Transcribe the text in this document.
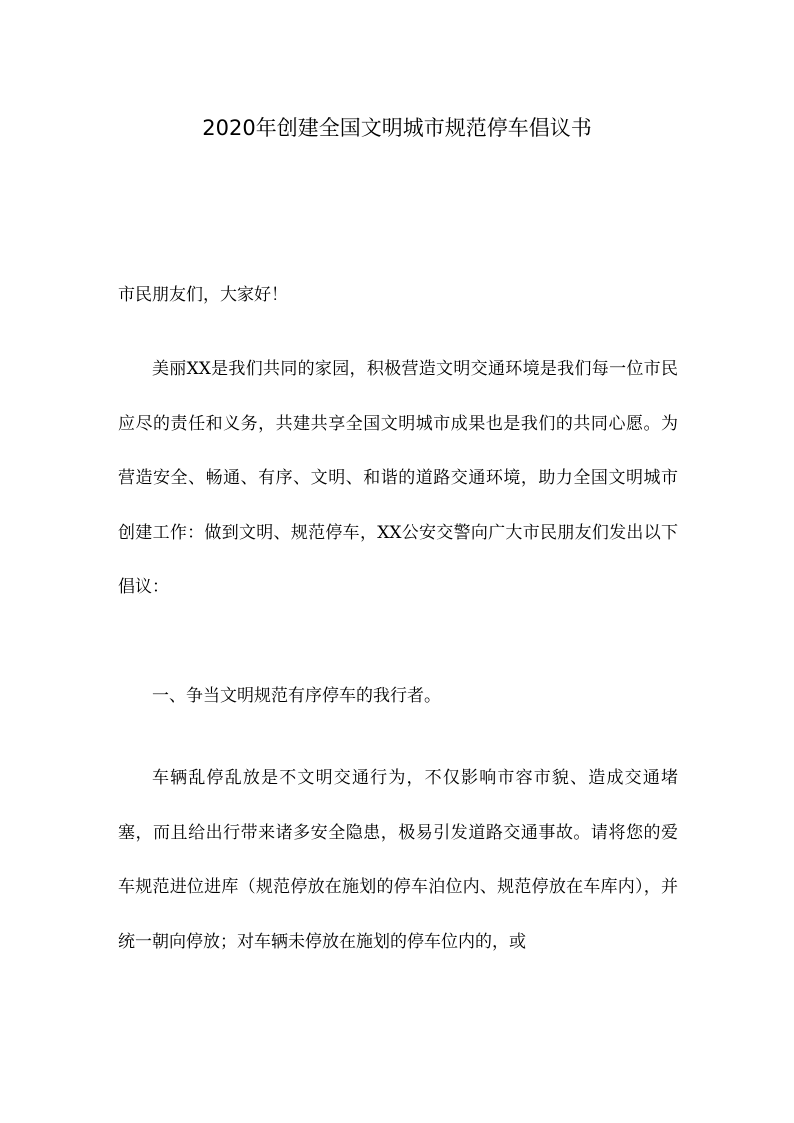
2020年创建全国文明城市规范停车倡议书

市民朋友们，大家好！

美丽XX是我们共同的家园，积极营造文明交通环境是我们每一位市民应尽的责任和义务，共建共享全国文明城市成果也是我们的共同心愿。为营造安全、畅通、有序、文明、和谐的道路交通环境，助力全国文明城市创建工作：做到文明、规范停车，XX公安交警向广大市民朋友们发出以下倡议：

一、争当文明规范有序停车的我行者。

车辆乱停乱放是不文明交通行为，不仅影响市容市貌、造成交通堵塞，而且给出行带来诸多安全隐患，极易引发道路交通事故。请将您的爱车规范进位进库（规范停放在施划的停车泊位内、规范停放在车库内），并统一朝向停放；对车辆未停放在施划的停车位内的，或
